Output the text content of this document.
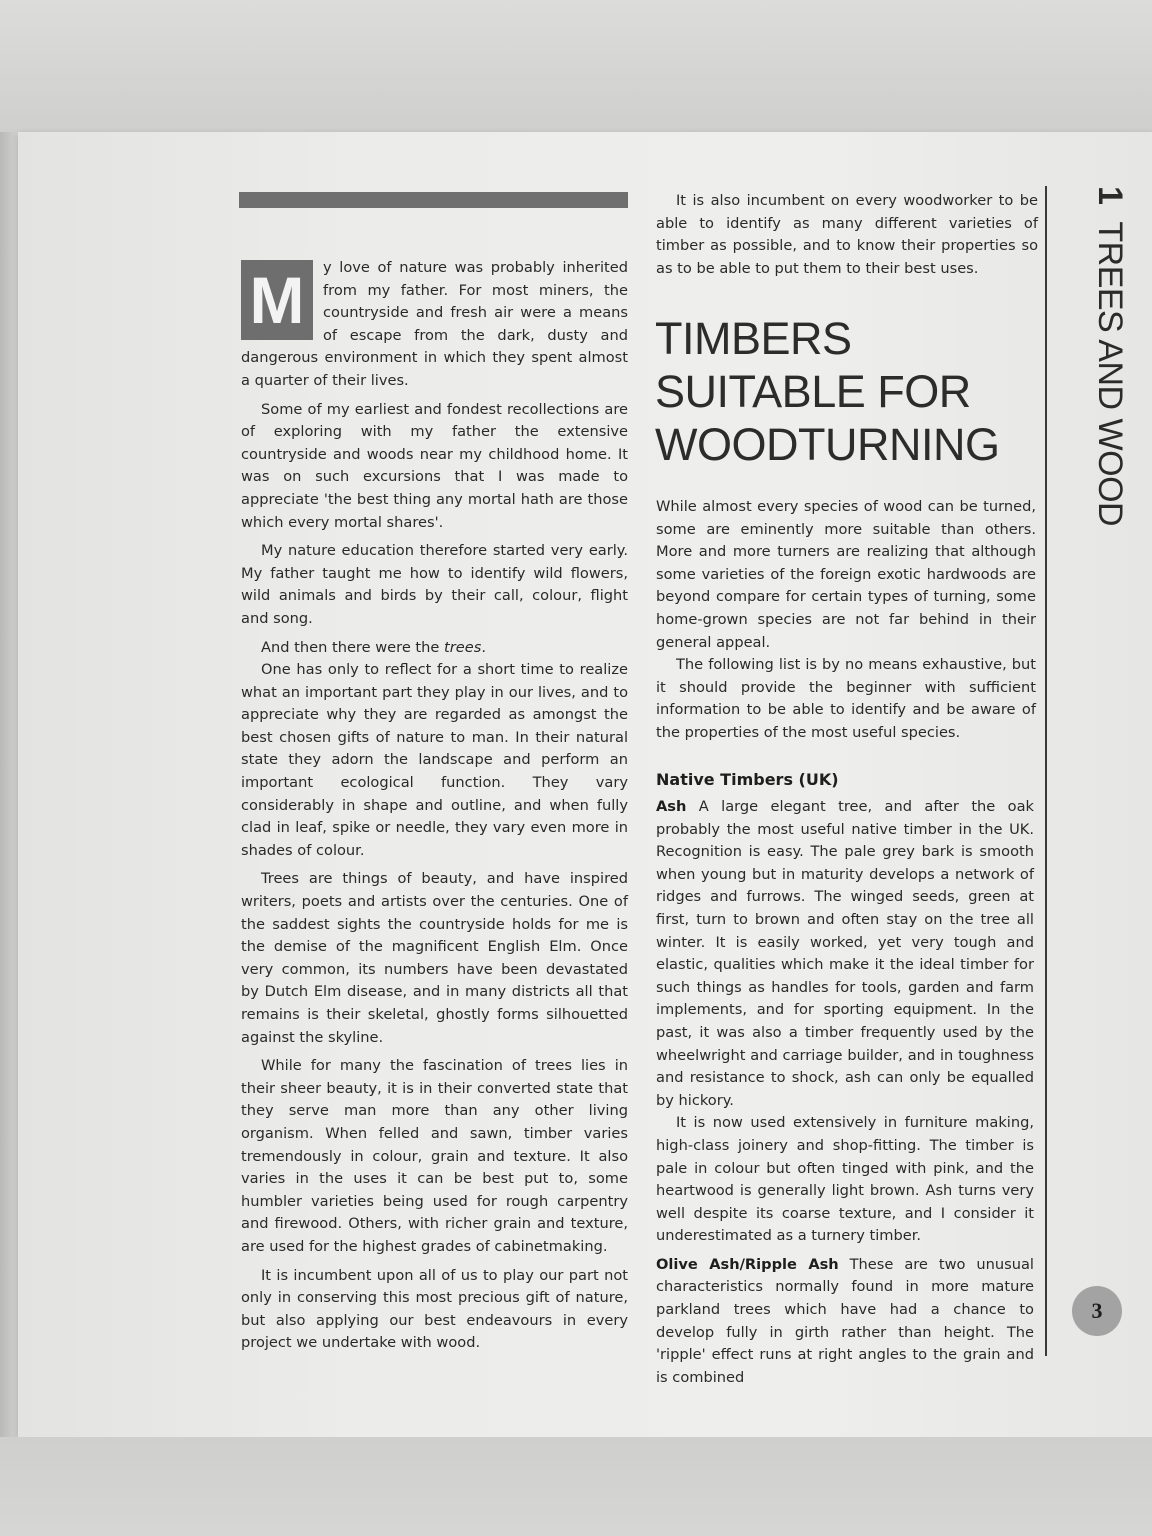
M	y love of nature was probably inherited from my father. For most miners, the countryside and fresh air were a means of escape from the dark, dusty and dangerous environment in which they spent almost a quarter of their lives.

Some of my earliest and fondest recollections are of exploring with my father the extensive countryside and woods near my childhood home. It was on such excursions that I was made to appreciate 'the best thing any mortal hath are those which every mortal shares'.

My nature education therefore started very early. My father taught me how to identify wild flowers, wild animals and birds by their call, colour, flight and song.

And then there were the trees.

One has only to reflect for a short time to realize what an important part they play in our lives, and to appreciate why they are regarded as amongst the best chosen gifts of nature to man. In their natural state they adorn the landscape and perform an important ecological function. They vary considerably in shape and outline, and when fully clad in leaf, spike or needle, they vary even more in shades of colour.

Trees are things of beauty, and have inspired writers, poets and artists over the centuries. One of the saddest sights the countryside holds for me is the demise of the magnificent English Elm. Once very common, its numbers have been devastated by Dutch Elm disease, and in many districts all that remains is their skeletal, ghostly forms silhouetted against the skyline.

While for many the fascination of trees lies in their sheer beauty, it is in their converted state that they serve man more than any other living organism. When felled and sawn, timber varies tremendously in colour, grain and texture. It also varies in the uses it can be best put to, some humbler varieties being used for rough carpentry and firewood. Others, with richer grain and texture, are used for the highest grades of cabinetmaking.

It is incumbent upon all of us to play our part not only in conserving this most precious gift of nature, but also applying our best endeavours in every project we undertake with wood.

It is also incumbent on every woodworker to be able to identify as many different varieties of timber as possible, and to know their properties so as to be able to put them to their best uses.

TIMBERS
SUITABLE FOR
WOODTURNING

While almost every species of wood can be turned, some are eminently more suitable than others. More and more turners are realizing that although some varieties of the foreign exotic hardwoods are beyond compare for certain types of turning, some home-grown species are not far behind in their general appeal.

The following list is by no means exhaustive, but it should provide the beginner with sufficient information to be able to identify and be aware of the properties of the most useful species.

Native Timbers (UK)

Ash A large elegant tree, and after the oak probably the most useful native timber in the UK. Recognition is easy. The pale grey bark is smooth when young but in maturity develops a network of ridges and furrows. The winged seeds, green at first, turn to brown and often stay on the tree all winter. It is easily worked, yet very tough and elastic, qualities which make it the ideal timber for such things as handles for tools, garden and farm implements, and for sporting equipment. In the past, it was also a timber frequently used by the wheelwright and carriage builder, and in toughness and resistance to shock, ash can only be equalled by hickory.

It is now used extensively in furniture making, high-class joinery and shop-fitting. The timber is pale in colour but often tinged with pink, and the heartwood is generally light brown. Ash turns very well despite its coarse texture, and I consider it underestimated as a turnery timber.

Olive Ash/Ripple Ash These are two unusual characteristics normally found in more mature parkland trees which have had a chance to develop fully in girth rather than height. The 'ripple' effect runs at right angles to the grain and is combined

1 TREES AND WOOD
3
